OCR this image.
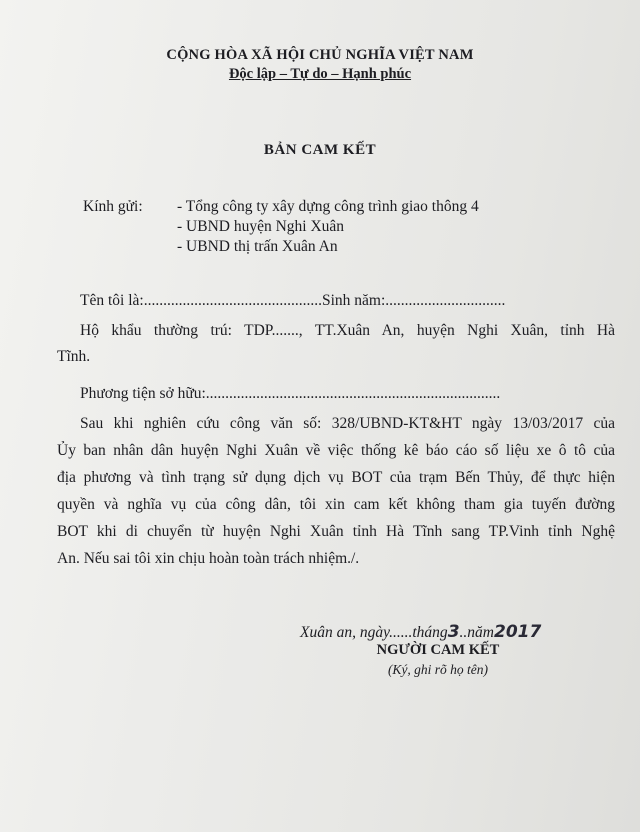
CỘNG HÒA XÃ HỘI CHỦ NGHĨA VIỆT NAM
Độc lập – Tự do – Hạnh phúc
BẢN CAM KẾT
Kính gửi: - Tổng công ty xây dựng công trình giao thông 4
- UBND huyện Nghi Xuân
- UBND thị trấn Xuân An
Tên tôi là:..............................................Sinh năm:...............................
Hộ khẩu thường trú: TDP......., TT.Xuân An, huyện Nghi Xuân, tỉnh Hà
Tĩnh.
Phương tiện sở hữu:............................................................................
Sau khi nghiên cứu công văn số: 328/UBND-KT&HT ngày 13/03/2017 của
Ủy ban nhân dân huyện Nghi Xuân về việc thống kê báo cáo số liệu xe ô tô của
địa phương và tình trạng sử dụng dịch vụ BOT của trạm Bến Thủy, để thực hiện
quyền và nghĩa vụ của công dân, tôi xin cam kết không tham gia tuyến đường
BOT khi di chuyển từ huyện Nghi Xuân tỉnh Hà Tĩnh sang TP.Vinh tỉnh Nghệ
An. Nếu sai tôi xin chịu hoàn toàn trách nhiệm./.
Xuân an, ngày......tháng3..năm2017
NGƯỜI CAM KẾT
(Ký, ghi rõ họ tên)
